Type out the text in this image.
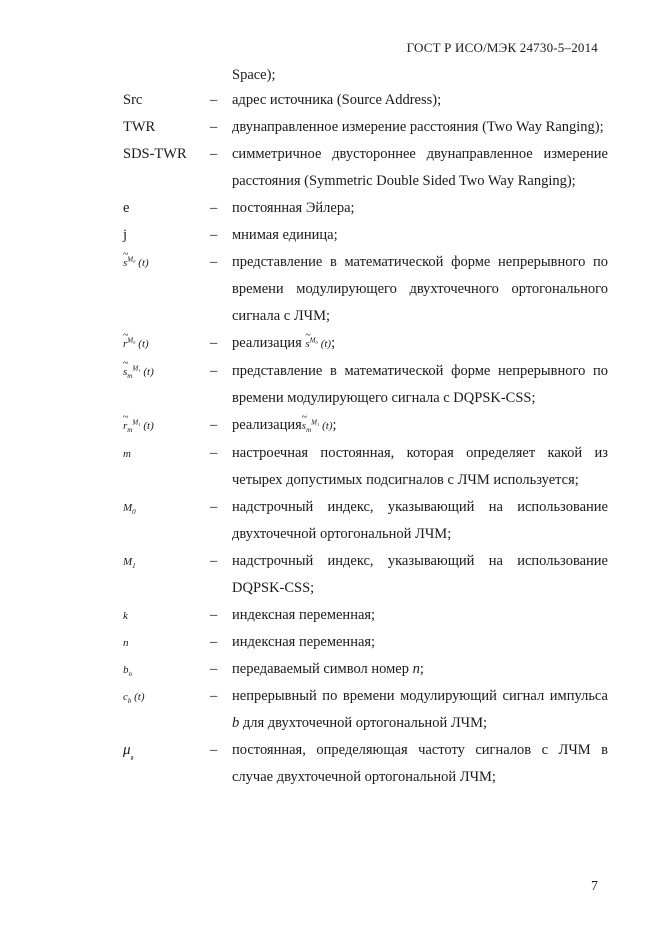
ГОСТ Р ИСО/МЭК 24730-5–2014
Space);
Src	– адрес источника (Source Address);
TWR	– двунаправленное измерение расстояния (Two Way Ranging);
SDS-TWR – симметричное двустороннее двунаправленное измерение расстояния (Symmetric Double Sided Two Way Ranging);
e	– постоянная Эйлера;
j	– мнимая единица;
~ $s^{M_0}$ (t)	– представление в математической форме непрерывного по времени модулирующего двухточечного ортогонального сигнала с ЛЧМ;
~ $r^{M_0}$ (t)	– реализация ~ $s^{M_0}$ (t);
~ $s_m^{M_1}$ (t)	– представление в математической форме непрерывного по времени модулирующего сигнала с DQPSK-CSS;
~ $r_m^{M_1}$ (t)	– реализация~ $s_m^{M_1}$ (t);
m	– настроечная постоянная, которая определяет какой из четырех допустимых подсигналов с ЛЧМ используется;
$M_0$	– надстрочный индекс, указывающий на использование двухточечной ортогональной ЛЧМ;
$M_1$	– надстрочный индекс, указывающий на использование DQPSK-CSS;
k	– индексная переменная;
n	– индексная переменная;
$b_n$	– передаваемый символ номер n;
$c_b$ (t)	– непрерывный по времени модулирующий сигнал импульса b для двухточечной ортогональной ЛЧМ;
$\mu_{_0}$	– постоянная, определяющая частоту сигналов с ЛЧМ в случае двухточечной ортогональной ЛЧМ;
7
